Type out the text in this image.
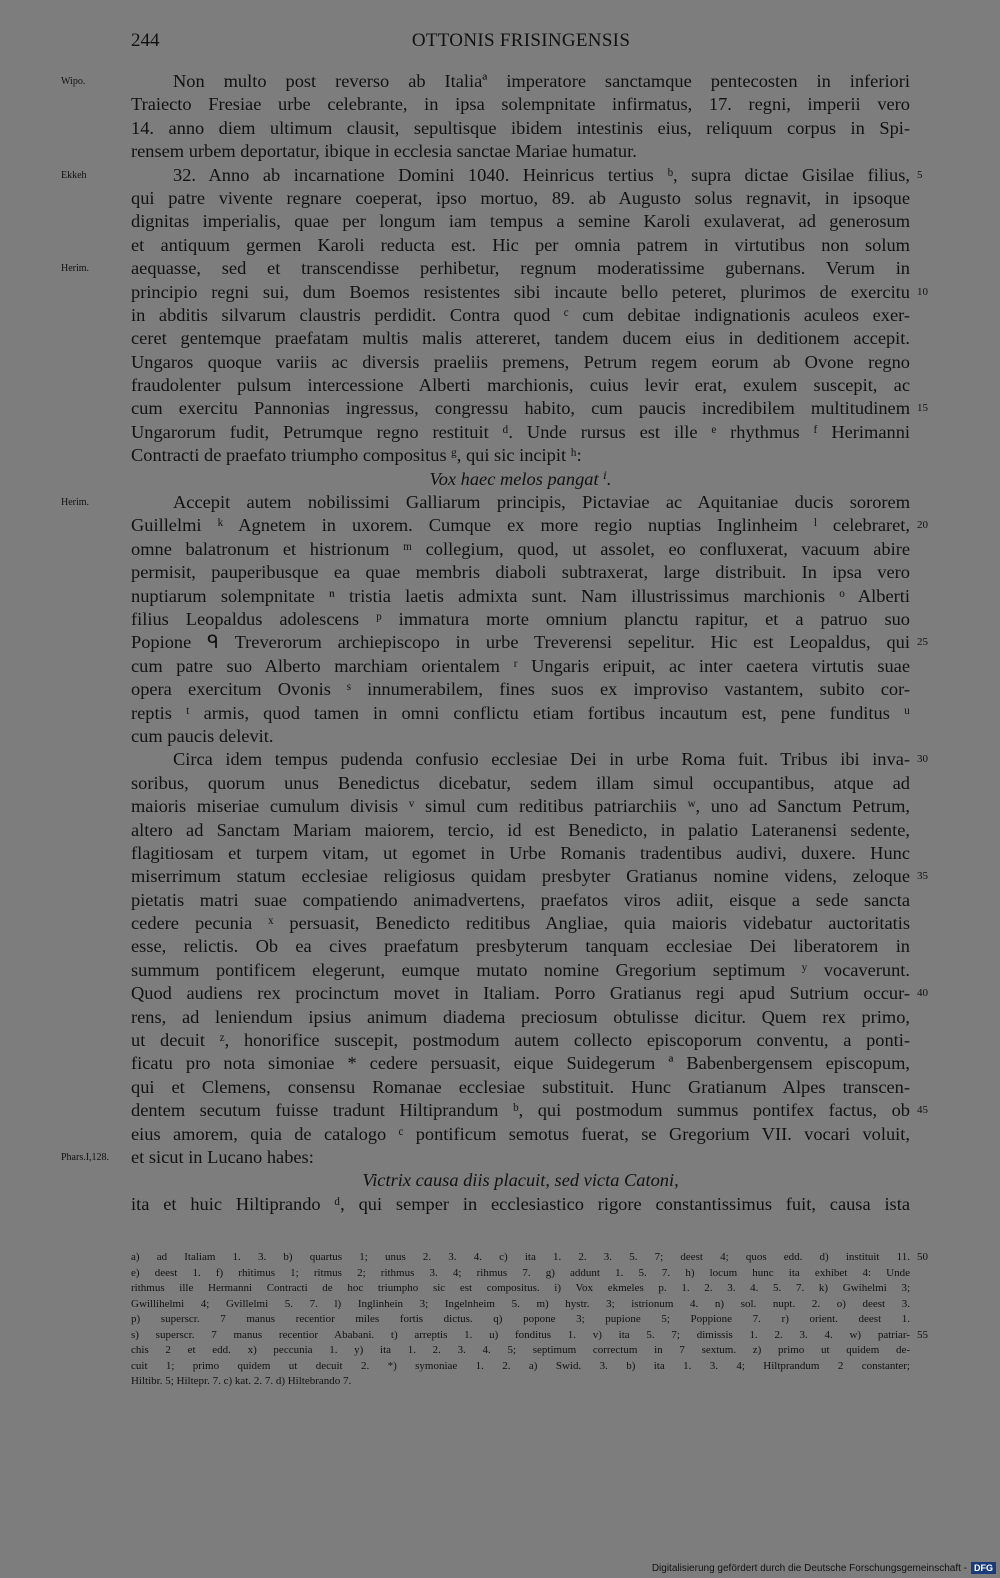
244	OTTONIS FRISINGENSIS
Non multo post reverso ab Italiaª imperatore sanctamque pentecosten in inferiori
Wipo.
Traiecto Fresiae urbe celebrante, in ipsa solempnitate infirmatus, 17. regni, imperii vero
14. anno diem ultimum clausit, sepultisque ibidem intestinis eius, reliquum corpus in Spi-
rensem urbem deportatur, ibique in ecclesia sanctae Mariae humatur.
32. Anno ab incarnatione Domini 1040. Heinricus tertius ᵇ, supra dictae Gisilae filius,
Ekkeh	5
qui patre vivente regnare coeperat, ipso mortuo, 89. ab Augusto solus regnavit, in ipsoque
dignitas imperialis, quae per longum iam tempus a semine Karoli exulaverat, ad generosum
et antiquum germen Karoli reducta est. Hic per omnia patrem in virtutibus non solum
aequasse, sed et transcendisse perhibetur, regnum moderatissime gubernans. Verum in
Herim.
principio regni sui, dum Boemos resistentes sibi incaute bello peteret, plurimos de exercitu 10
in abditis silvarum claustris perdidit. Contra quod ᶜ cum debitae indignationis aculeos exer-
ceret gentemque praefatam multis malis attereret, tandem ducem eius in deditionem accepit.
Ungaros quoque variis ac diversis praeliis premens, Petrum regem eorum ab Ovone regno
fraudolenter pulsum intercessione Alberti marchionis, cuius levir erat, exulem suscepit, ac
cum exercitu Pannonias ingressus, congressu habito, cum paucis incredibilem multitudinem 15
Ungarorum fudit, Petrumque regno restituit ᵈ. Unde rursus est ille ᵉ rhythmus ᶠ Herimanni
Contracti de praefato triumpho compositus ᵍ, qui sic incipit ʰ:
Vox haec melos pangat ⁱ.
Accepit autem nobilissimi Galliarum principis, Pictaviae ac Aquitaniae ducis sororem
Herim.
Guillelmi ᵏ Agnetem in uxorem. Cumque ex more regio nuptias Inglinheim ˡ celebraret, 20
omne balatronum et histrionum ᵐ collegium, quod, ut assolet, eo confluxerat, vacuum abire
permisit, pauperibusque ea quae membris diaboli subtraxerat, large distribuit. In ipsa vero
nuptiarum solempnitate ⁿ tristia laetis admixta sunt. Nam illustrissimus marchionis ᵒ Alberti
filius Leopaldus adolescens ᵖ immatura morte omnium planctu rapitur, et a patruo suo
Popione ᑫ Treverorum archiepiscopo in urbe Treverensi sepelitur. Hic est Leopaldus, qui 25
cum patre suo Alberto marchiam orientalem ʳ Ungaris eripuit, ac inter caetera virtutis suae
opera exercitum Ovonis ˢ innumerabilem, fines suos ex improviso vastantem, subito cor-
reptis ᵗ armis, quod tamen in omni conflictu etiam fortibus incautum est, pene funditus ᵘ
cum paucis delevit.
Circa idem tempus pudenda confusio ecclesiae Dei in urbe Roma fuit. Tribus ibi inva- 30
soribus, quorum unus Benedictus dicebatur, sedem illam simul occupantibus, atque ad
maioris miseriae cumulum divisis ᵛ simul cum reditibus patriarchiis ʷ, uno ad Sanctum Petrum,
altero ad Sanctam Mariam maiorem, tercio, id est Benedicto, in palatio Lateranensi sedente,
flagitiosam et turpem vitam, ut egomet in Urbe Romanis tradentibus audivi, duxere. Hunc
miserrimum statum ecclesiae religiosus quidam presbyter Gratianus nomine videns, zeloque 35
pietatis matri suae compatiendo animadvertens, praefatos viros adiit, eisque a sede sancta
cedere pecunia ˣ persuasit, Benedicto reditibus Angliae, quia maioris videbatur auctoritatis
esse, relictis. Ob ea cives praefatum presbyterum tanquam ecclesiae Dei liberatorem in
summum pontificem elegerunt, eumque mutato nomine Gregorium septimum ʸ vocaverunt.
Quod audiens rex procinctum movet in Italiam. Porro Gratianus regi apud Sutrium occur- 40
rens, ad leniendum ipsius animum diadema preciosum obtulisse dicitur. Quem rex primo,
ut decuit ᶻ, honorifice suscepit, postmodum autem collecto episcoporum conventu, a ponti-
ficatu pro nota simoniae * cedere persuasit, eique Suidegerum ª Babenbergensem episcopum,
qui et Clemens, consensu Romanae ecclesiae substituit. Hunc Gratianum Alpes transcen-
dentem secutum fuisse tradunt Hiltiprandum ᵇ, qui postmodum summus pontifex factus, ob 45
eius amorem, quia de catalogo ᶜ pontificum semotus fuerat, se Gregorium VII. vocari voluit,
et sicut in Lucano habes:
Phars.I,128.
Victrix causa diis placuit, sed victa Catoni,
ita et huic Hiltiprando ᵈ, qui semper in ecclesiastico rigore constantissimus fuit, causa ista
a) ad Italiam 1. 3. b) quartus 1; unus 2. 3. 4. c) ita 1. 2. 3. 5. 7; deest 4; quos edd. d) instituit 11. 50
e) deest 1. f) rhitimus 1; ritmus 2; rithmus 3. 4; rihmus 7. g) addunt 1. 5. 7. h) locum hunc ita exhibet 4: Unde
rithmus ille Hermanni Contracti de hoc triumpho sic est compositus. i) Vox ekmeles p. 1. 2. 3. 4. 5. 7. k) Gwihelmi 3;
Gwillihelmi 4; Gvillelmi 5. 7. l) Inglinhein 3; Ingelnheim 5. m) hystr. 3; istrionum 4. n) sol. nupt. 2. o) deest 3.
p) superscr. 7 manus recentior miles fortis dictus. q) popone 3; pupione 5; Poppione 7. r) orient. deest 1.
s) superscr. 7 manus recentior Ababani. t) arreptis 1. u) fonditus 1. v) ita 5. 7; dimissis 1. 2. 3. 4. w) patriar- 55
chis 2 et edd. x) peccunia 1. y) ita 1. 2. 3. 4. 5; septimum correctum in 7 sextum. z) primo ut quidem de-
cuit 1; primo quidem ut decuit 2. *) symoniae 1. 2. a) Swid. 3. b) ita 1. 3. 4; Hiltprandum 2 constanter;
Hiltibr. 5; Hiltepr. 7. c) kat. 2. 7. d) Hiltebrando 7.
Digitalisierung gefördert durch die Deutsche Forschungsgemeinschaft - DFG
